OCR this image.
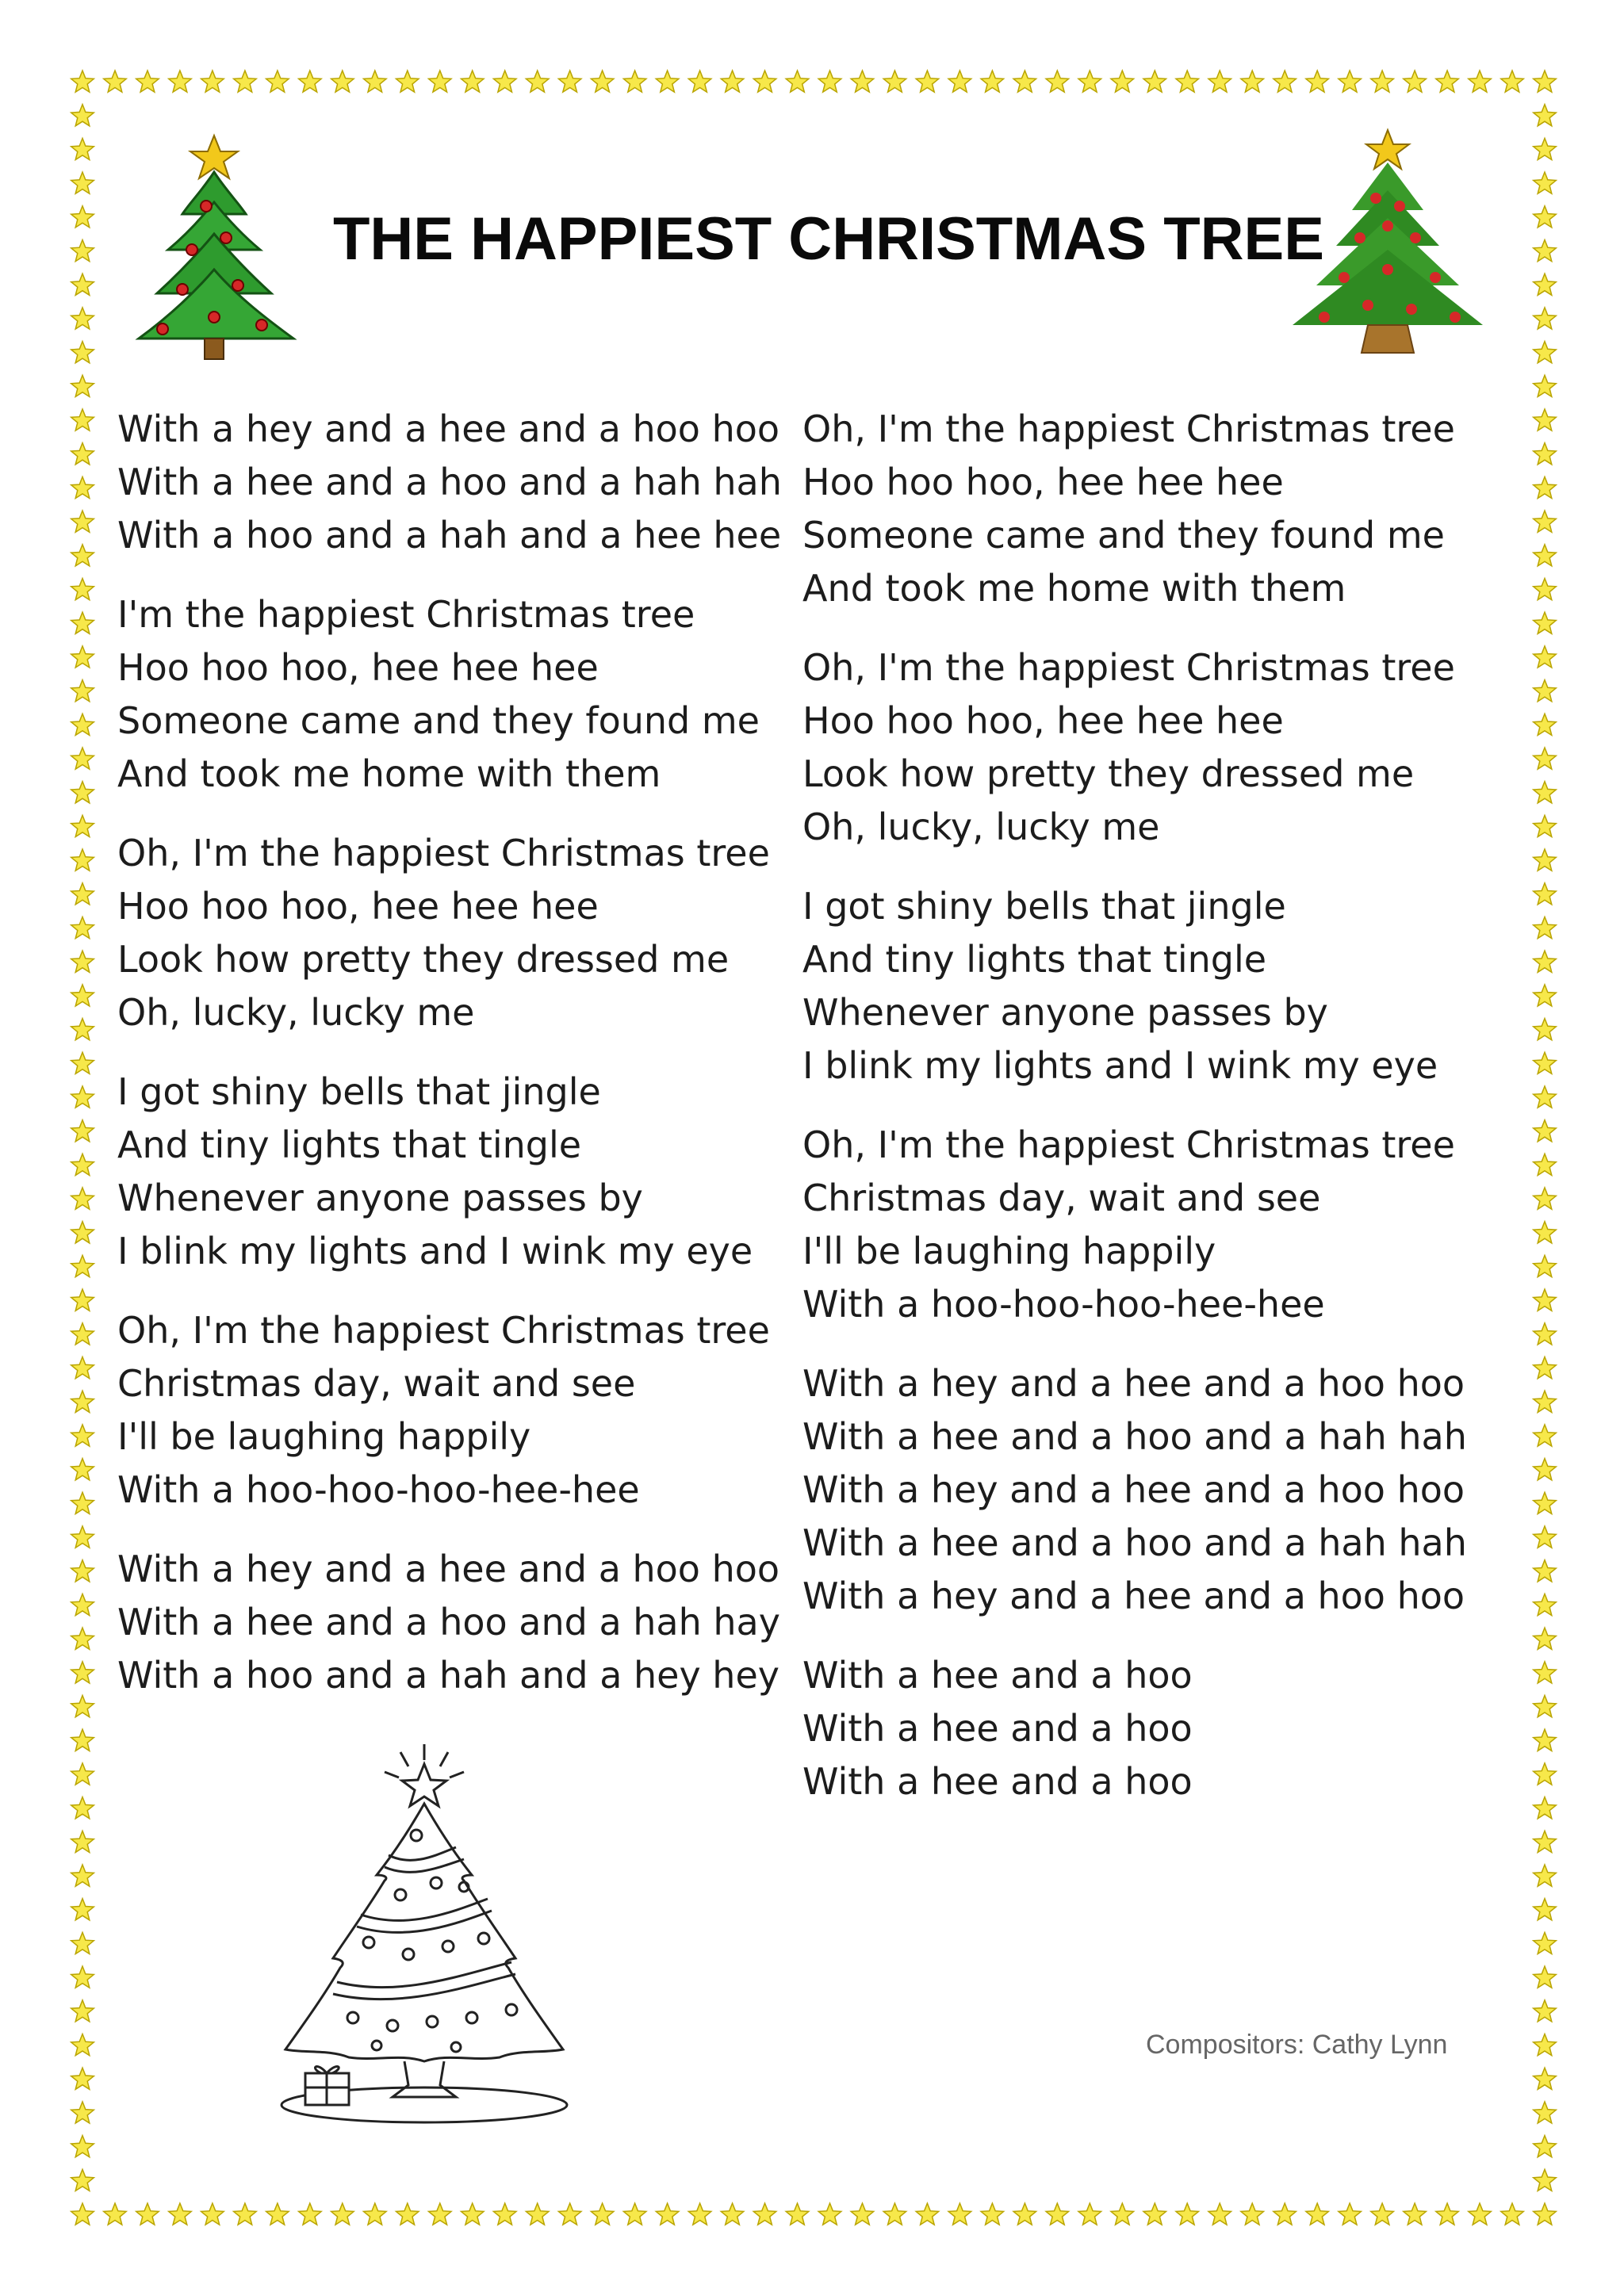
THE HAPPIEST CHRISTMAS TREE
With a hey and a hee and a hoo hoo
With a hee and a hoo and a hah hah
With a hoo and a hah and a hee hee
I'm the happiest Christmas tree
Hoo hoo hoo, hee hee hee
Someone came and they found me
And took me home with them
Oh, I'm the happiest Christmas tree
Hoo hoo hoo, hee hee hee
Look how pretty they dressed me
Oh, lucky, lucky me
I got shiny bells that jingle
And tiny lights that tingle
Whenever anyone passes by
I blink my lights and I wink my eye
Oh, I'm the happiest Christmas tree
Christmas day, wait and see
I'll be laughing happily
With a hoo-hoo-hoo-hee-hee
With a hey and a hee and a hoo hoo
With a hee and a hoo and a hah hay
With a hoo and a hah and a hey hey
Oh, I'm the happiest Christmas tree
Hoo hoo hoo, hee hee hee
Someone came and they found me
And took me home with them
Oh, I'm the happiest Christmas tree
Hoo hoo hoo, hee hee hee
Look how pretty they dressed me
Oh, lucky, lucky me
I got shiny bells that jingle
And tiny lights that tingle
Whenever anyone passes by
I blink my lights and I wink my eye
Oh, I'm the happiest Christmas tree
Christmas day, wait and see
I'll be laughing happily
With a hoo-hoo-hoo-hee-hee
With a hey and a hee and a hoo hoo
With a hee and a hoo and a hah hah
With a hey and a hee and a hoo hoo
With a hee and a hoo and a hah hah
With a hey and a hee and a hoo hoo
With a hee and a hoo
With a hee and a hoo
With a hee and a hoo
Compositors: Cathy Lynn
